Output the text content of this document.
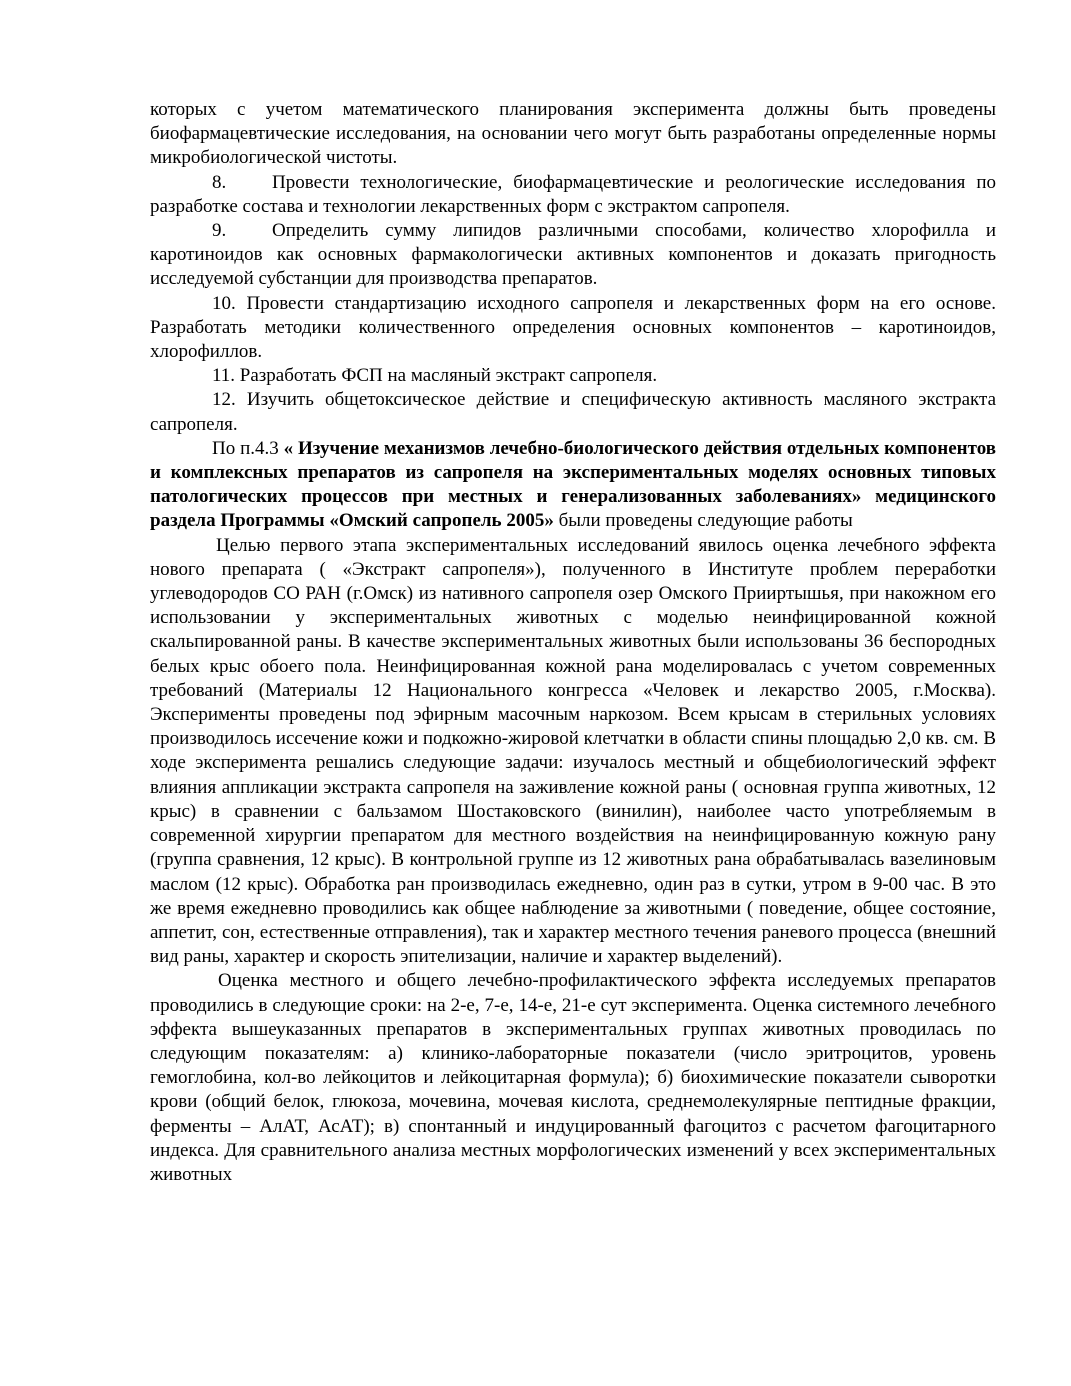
которых с учетом математического планирования эксперимента должны быть проведены биофармацевтические исследования, на основании чего могут быть разработаны определенные нормы микробиологической чистоты.

8. Провести технологические, биофармацевтические и реологические исследования по разработке состава и технологии лекарственных форм с экстрактом сапропеля.

9. Определить сумму липидов различными способами, количество хлорофилла и каротиноидов как основных фармакологически активных компонентов и доказать пригодность исследуемой субстанции для производства препаратов.

10. Провести стандартизацию исходного сапропеля и лекарственных форм на его основе. Разработать методики количественного определения основных компонентов – каротиноидов, хлорофиллов.

11. Разработать ФСП на масляный экстракт сапропеля.

12. Изучить общетоксическое действие и специфическую активность масляного экстракта сапропеля.

По п.4.3 « Изучение механизмов лечебно-биологического действия отдельных компонентов и комплексных препаратов из сапропеля на экспериментальных моделях основных типовых патологических процессов при местных и генерализованных заболеваниях» медицинского раздела Программы «Омский сапропель 2005» были проведены следующие работы

Целью первого этапа экспериментальных исследований явилось оценка лечебного эффекта нового препарата ( «Экстракт сапропеля»), полученного в Институте проблем переработки углеводородов СО РАН (г.Омск) из нативного сапропеля озер Омского Прииртышья, при накожном его использовании у экспериментальных животных с моделью неинфицированной кожной скальпированной раны. В качестве экспериментальных животных были использованы 36 беспородных белых крыс обоего пола. Неинфицированная кожной рана моделировалась с учетом современных требований (Материалы 12 Национального конгресса «Человек и лекарство 2005, г.Москва). Эксперименты проведены под эфирным масочным наркозом. Всем крысам в стерильных условиях производилось иссечение кожи и подкожно-жировой клетчатки в области спины площадью 2,0 кв. см. В ходе эксперимента решались следующие задачи: изучалось местный и общебиологический эффект влияния аппликации экстракта сапропеля на заживление кожной раны ( основная группа животных, 12 крыс) в сравнении с бальзамом Шостаковского (винилин), наиболее часто употребляемым в современной хирургии препаратом для местного воздействия на неинфицированную кожную рану (группа сравнения, 12 крыс). В контрольной группе из 12 животных рана обрабатывалась вазелиновым маслом (12 крыс). Обработка ран производилась ежедневно, один раз в сутки, утром в 9-00 час. В это же время ежедневно проводились как общее наблюдение за животными ( поведение, общее состояние, аппетит, сон, естественные отправления), так и характер местного течения раневого процесса (внешний вид раны, характер и скорость эпителизации, наличие и характер выделений).

Оценка местного и общего лечебно-профилактического эффекта исследуемых препаратов проводились в следующие сроки: на 2-е, 7-е, 14-е, 21-е сут эксперимента. Оценка системного лечебного эффекта вышеуказанных препаратов в экспериментальных группах животных проводилась по следующим показателям: а) клинико-лабораторные показатели (число эритроцитов, уровень гемоглобина, кол-во лейкоцитов и лейкоцитарная формула); б) биохимические показатели сыворотки крови (общий белок, глюкоза, мочевина, мочевая кислота, среднемолекулярные пептидные фракции, ферменты – АлАТ, АсАТ); в) спонтанный и индуцированный фагоцитоз с расчетом фагоцитарного индекса. Для сравнительного анализа местных морфологических изменений у всех экспериментальных животных
